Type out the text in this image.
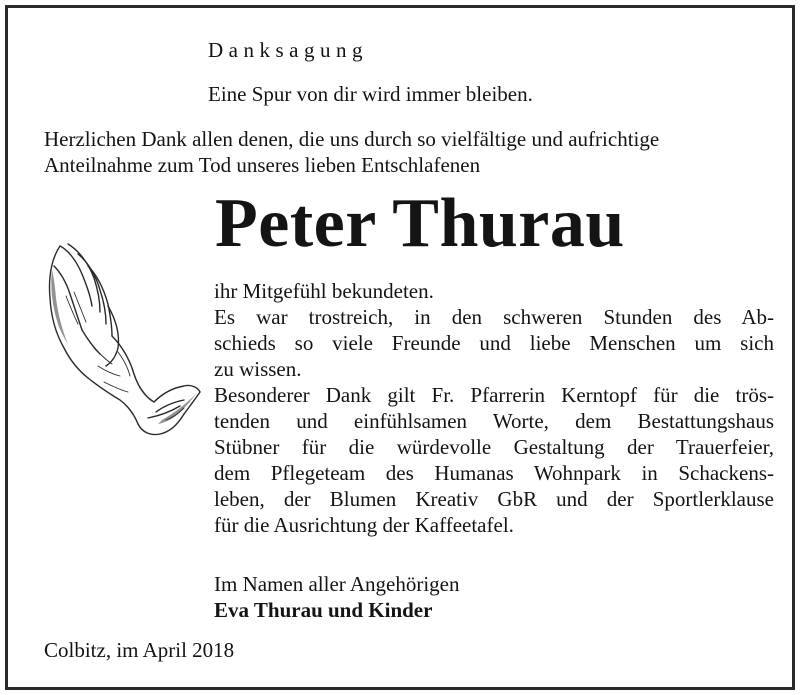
Danksagung
Eine Spur von dir wird immer bleiben.
Herzlichen Dank allen denen, die uns durch so vielfältige und aufrichtige
Anteilnahme zum Tod unseres lieben Entschlafenen
Peter Thurau
ihr Mitgefühl bekundeten.
Es war trostreich, in den schweren Stunden des Ab-
schieds so viele Freunde und liebe Menschen um sich
zu wissen.
Besonderer Dank gilt Fr. Pfarrerin Kerntopf für die trös-
tenden und einfühlsamen Worte, dem Bestattungshaus
Stübner für die würdevolle Gestaltung der Trauerfeier,
dem Pflegeteam des Humanas Wohnpark in Schackens-
leben, der Blumen Kreativ GbR und der Sportlerklause
für die Ausrichtung der Kaffeetafel.
Im Namen aller Angehörigen
Eva Thurau und Kinder
Colbitz, im April 2018
